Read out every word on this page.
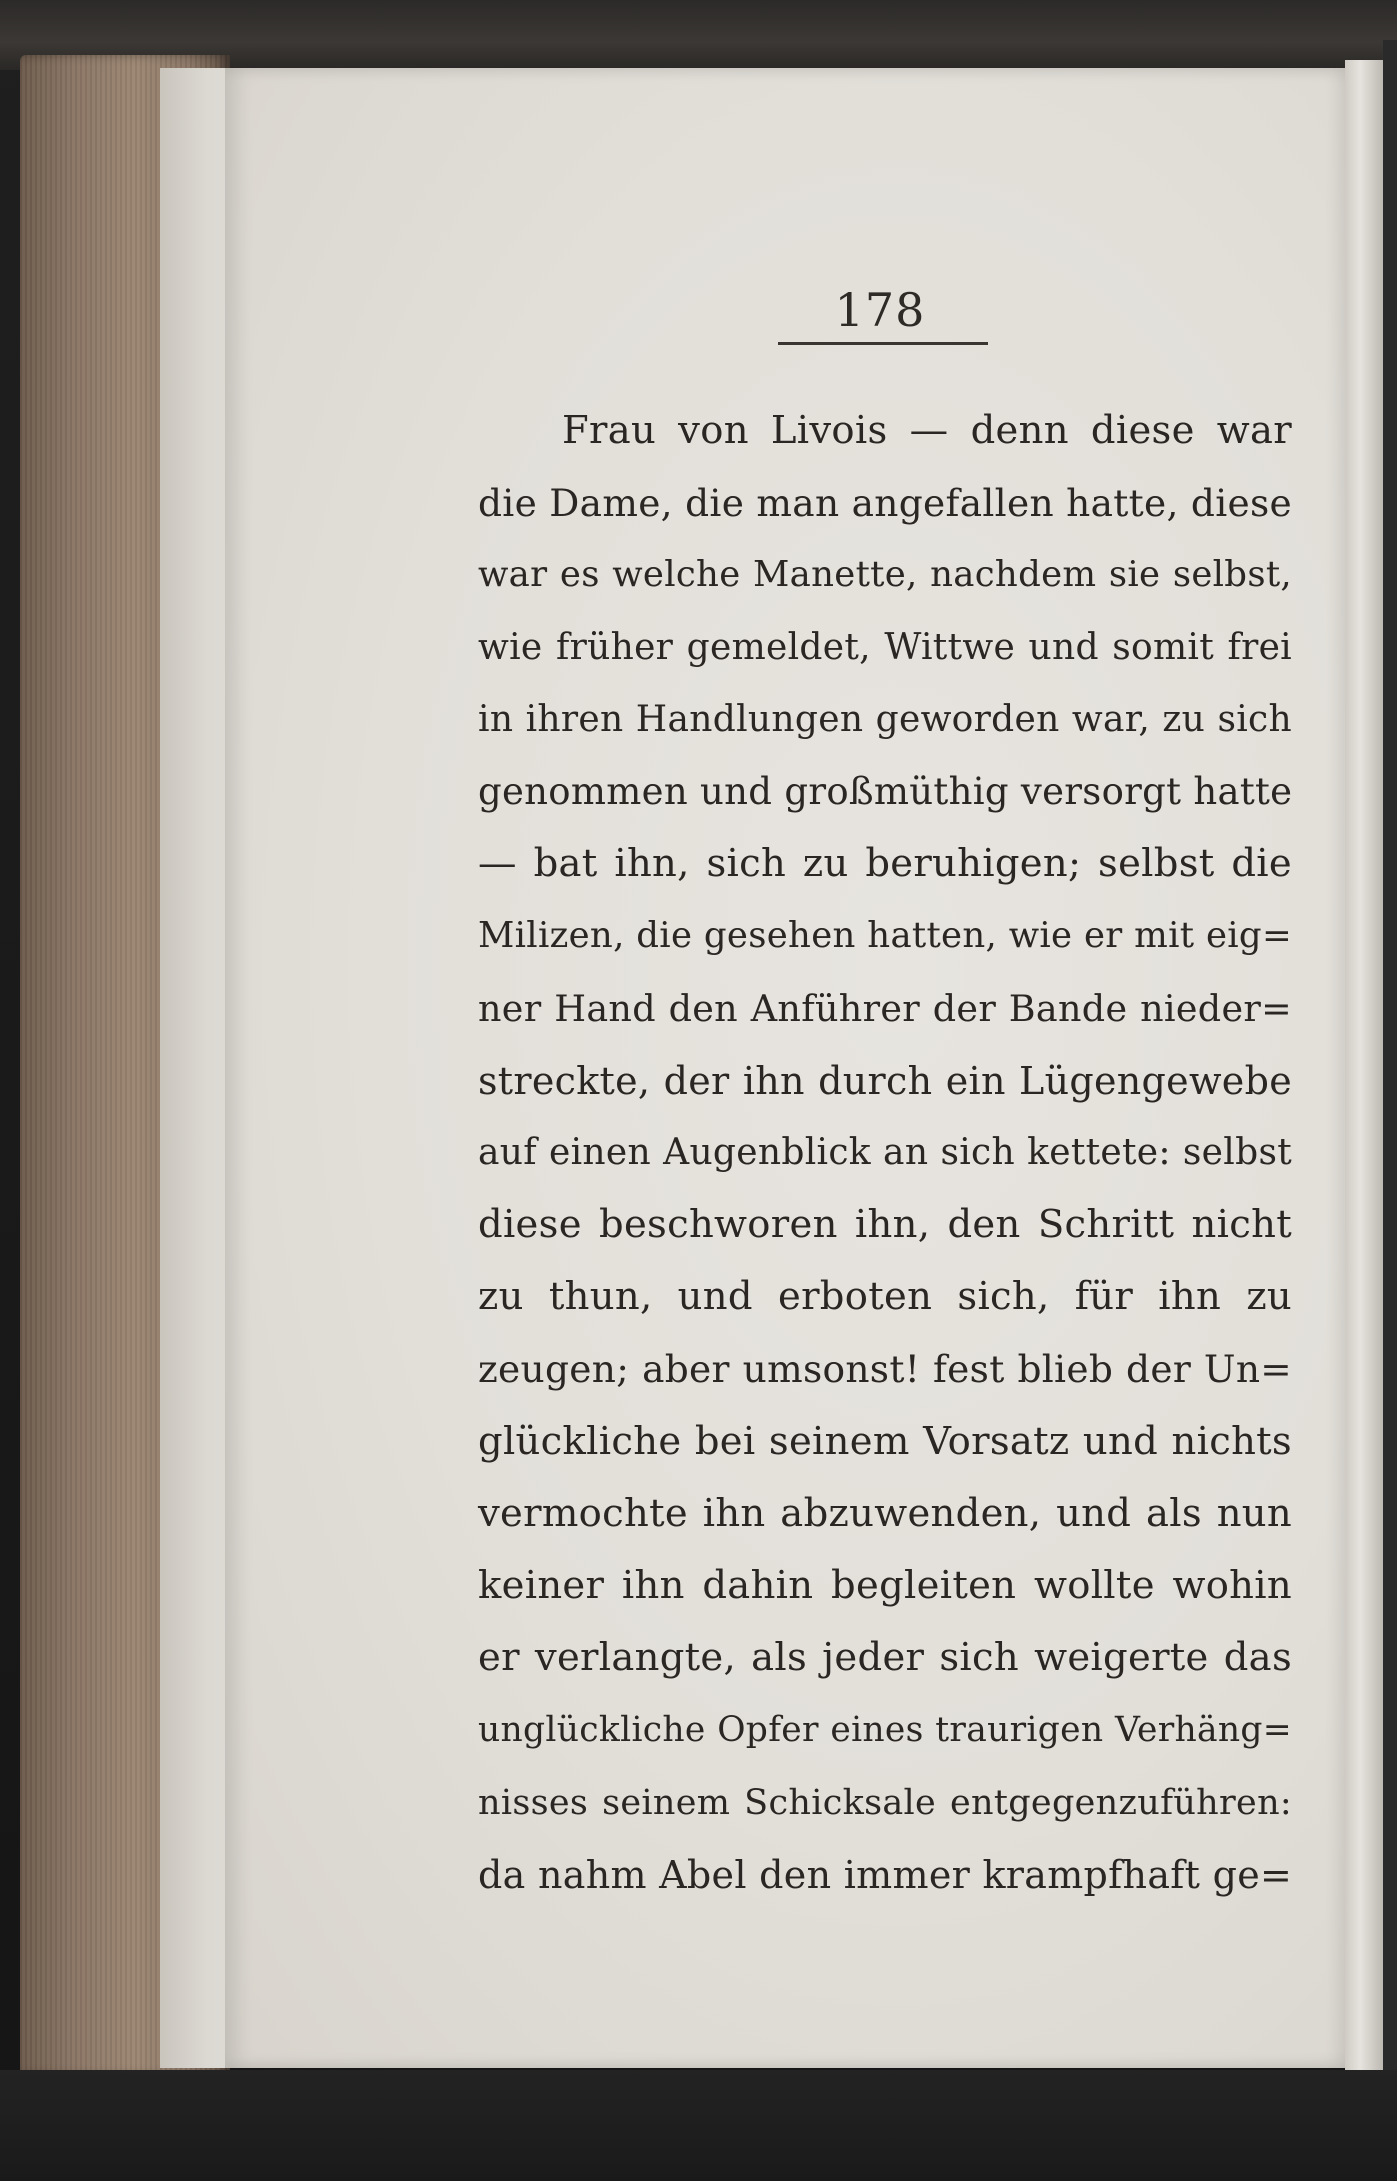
178
Frau von Livois — denn diese war
die Dame, die man angefallen hatte, diese
war es welche Manette, nachdem sie selbst,
wie früher gemeldet, Wittwe und somit frei
in ihren Handlungen geworden war, zu sich
genommen und großmüthig versorgt hatte
— bat ihn, sich zu beruhigen; selbst die
Milizen, die gesehen hatten, wie er mit eig=
ner Hand den Anführer der Bande nieder=
streckte, der ihn durch ein Lügengewebe
auf einen Augenblick an sich kettete: selbst
diese beschworen ihn, den Schritt nicht
zu thun, und erboten sich, für ihn zu
zeugen; aber umsonst! fest blieb der Un=
glückliche bei seinem Vorsatz und nichts
vermochte ihn abzuwenden, und als nun
keiner ihn dahin begleiten wollte wohin
er verlangte, als jeder sich weigerte das
unglückliche Opfer eines traurigen Verhäng=
nisses seinem Schicksale entgegenzuführen:
da nahm Abel den immer krampfhaft ge=
